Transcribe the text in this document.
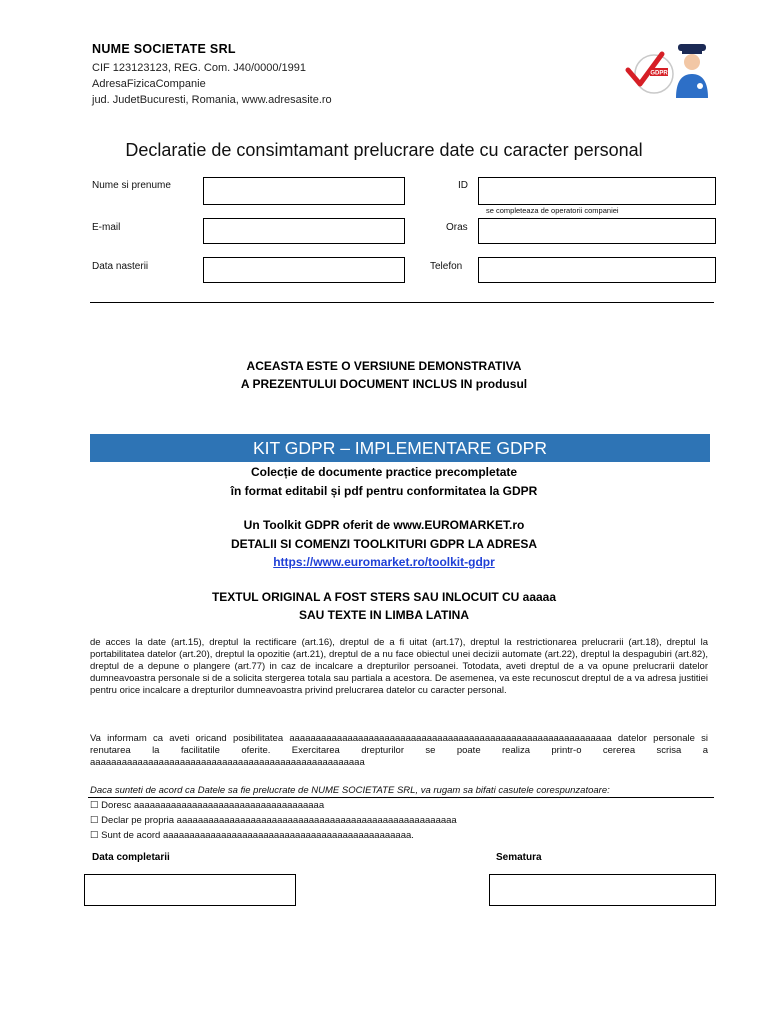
NUME SOCIETATE SRL
CIF 123123123, REG. Com. J40/0000/1991
AdresaFizicaCompanie
jud. JudetBucuresti, Romania, www.adresasite.ro
GDPR
Declaratie de consimtamant prelucrare date cu caracter personal
Nume si prenume	ID
se completeaza de operatorii companiei
E-mail	Oras
Data nasterii	Telefon
ACEASTA ESTE O VERSIUNE DEMONSTRATIVA
A PREZENTULUI DOCUMENT INCLUS IN produsul
KIT GDPR – IMPLEMENTARE GDPR
Colecție de documente practice precompletate
în format editabil și pdf pentru conformitatea la GDPR
Un Toolkit GDPR oferit de www.EUROMARKET.ro
DETALII SI COMENZI TOOLKITURI GDPR LA ADRESA
https://www.euromarket.ro/toolkit-gdpr
TEXTUL ORIGINAL A FOST STERS SAU INLOCUIT CU aaaaa
SAU TEXTE IN LIMBA LATINA
de acces la date (art.15), dreptul la rectificare (art.16), dreptul de a fi uitat (art.17), dreptul la restrictionarea prelucrarii (art.18), dreptul la portabilitatea datelor (art.20), dreptul la opozitie (art.21), dreptul de a nu face obiectul unei decizii automate (art.22), dreptul la despagubiri (art.82), dreptul de a depune o plangere (art.77) in caz de incalcare a drepturilor persoanei. Totodata, aveti dreptul de a va opune prelucrarii datelor dumneavoastra personale si de a solicita stergerea totala sau partiala a acestora. De asemenea, va este recunoscut dreptul de a va adresa justitiei pentru orice incalcare a drepturilor dumneavoastra privind prelucrarea datelor cu caracter personal.
Va informam ca aveti oricand posibilitatea aaaaaaaaaaaaaaaaaaaaaaaaaaaaaaaaaaaaaaaaaaaaaaaaaaaaaaaaaaaaa datelor personale si renutarea la facilitatile oferite. Exercitarea drepturilor se poate realiza printr-o cererea scrisa a aaaaaaaaaaaaaaaaaaaaaaaaaaaaaaaaaaaaaaaaaaaaaaaaaaaa
Daca sunteti de acord ca Datele sa fie prelucrate de NUME SOCIETATE SRL, va rugam sa bifati casutele corespunzatoare:
☐ Doresc aaaaaaaaaaaaaaaaaaaaaaaaaaaaaaaaaaaa
☐ Declar pe propria aaaaaaaaaaaaaaaaaaaaaaaaaaaaaaaaaaaaaaaaaaaaaaaaaaaaa
☐ Sunt de acord aaaaaaaaaaaaaaaaaaaaaaaaaaaaaaaaaaaaaaaaaaaaaaa.
Data completarii	Sematura
